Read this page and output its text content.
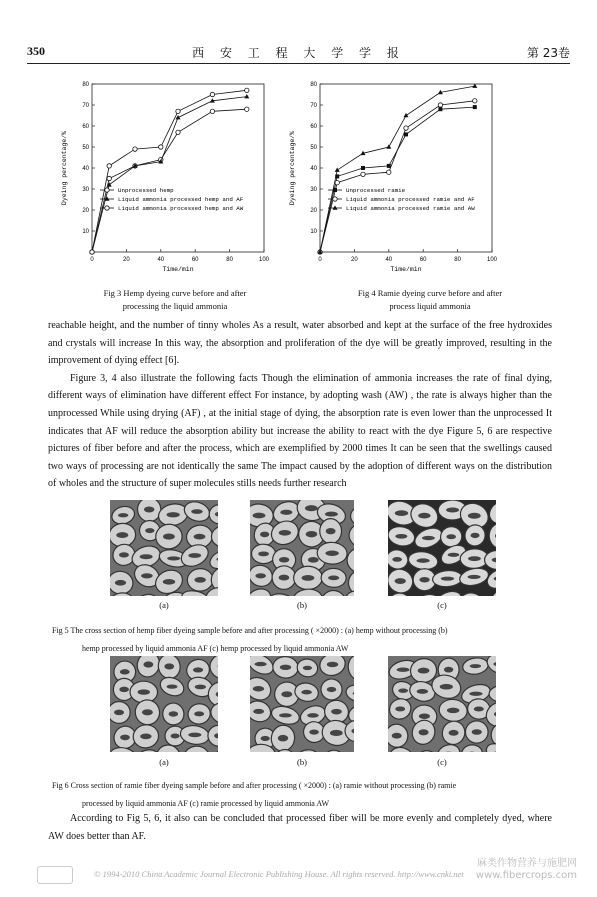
350	西 安 工 程 大 学 学 报	第 23卷
0	20	40	60	80	100
10
20
30
40
50
60
70
80
Time/min
Dyeing percentage/%	Unprocessed hemp
Liquid ammonia processed hemp and AF
Liquid ammonia processed hemp and AW
0	20	40	60	80	100
10
20
30
40
50
60
70
80
Time/min
Dyeing percentage/%	Unprocessed ramie
Liquid ammonia processed ramie and AF
Liquid ammonia processed ramie and AW
Fig 3 Hemp dyeing curve before and after
processing the liquid ammonia
Fig 4 Ramie dyeing curve before and after
process liquid ammonia

reachable height, and the number of tinny wholes As a result, water absorbed and kept at the surface of the free hydroxides and crystals will increase In this way, the absorption and proliferation of the dye will be greatly improved, resulting in the improvement of dying effect [6].

Figure 3, 4 also illustrate the following facts Though the elimination of ammonia increases the rate of final dying, different ways of elimination have different effect For instance, by adopting wash (AW) , the rate is always higher than the unprocessed While using drying (AF) , at the initial stage of dying, the absorption rate is even lower than the unprocessed It indicates that AF will reduce the absorption ability but increase the ability to react with the dye Figure 5, 6 are respective pictures of fiber before and after the process, which are exemplified by 2000 times It can be seen that the swellings caused two ways of processing are not identically the same The impact caused by the adoption of different ways on the distribution of wholes and the structure of super molecules stills needs further research

(a)	(b)	(c)
Fig 5 The cross section of hemp fiber dyeing sample before and after processing ( ×2000) : (a) hemp without processing (b)
hemp processed by liquid ammonia AF (c) hemp processed by liquid ammonia AW
(a)	(b)	(c)
Fig 6 Cross section of ramie fiber dyeing sample before and after processing ( ×2000) : (a) ramie without processing (b) ramie
processed by liquid ammonia AF (c) ramie processed by liquid ammonia AW

According to Fig 5, 6, it also can be concluded that processed fiber will be more evenly and completely dyed, where AW does better than AF.

© 1994-2010 China Academic Journal Electronic Publishing House. All rights reserved. http://www.cnki.net
麻类作物营养与施肥网
www.fibercrops.com
